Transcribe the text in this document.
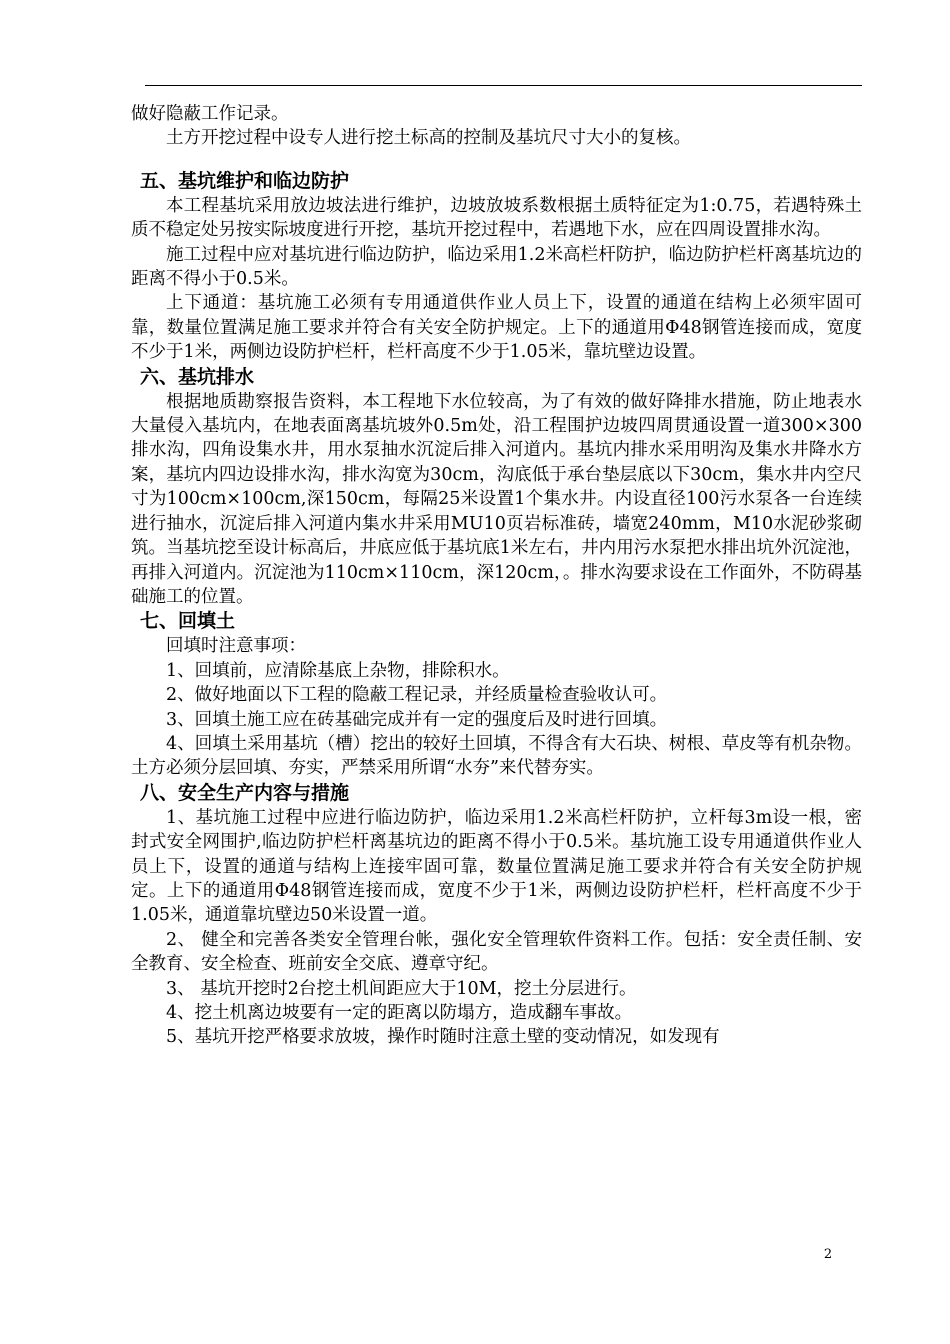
做好隐蔽工作记录。

土方开挖过程中设专人进行挖土标高的控制及基坑尺寸大小的复核。

五、基坑维护和临边防护

本工程基坑采用放边坡法进行维护，边坡放坡系数根据土质特征定为1:0.75，若遇特殊土质不稳定处另按实际坡度进行开挖，基坑开挖过程中，若遇地下水，应在四周设置排水沟。

施工过程中应对基坑进行临边防护，临边采用1.2米高栏杆防护，临边防护栏杆离基坑边的距离不得小于0.5米。

上下通道：基坑施工必须有专用通道供作业人员上下，设置的通道在结构上必须牢固可靠，数量位置满足施工要求并符合有关安全防护规定。上下的通道用Φ48钢管连接而成，宽度不少于1米，两侧边设防护栏杆，栏杆高度不少于1.05米，靠坑壁边设置。

六、基坑排水

根据地质勘察报告资料，本工程地下水位较高，为了有效的做好降排水措施，防止地表水大量侵入基坑内，在地表面离基坑坡外0.5m处，沿工程围护边坡四周贯通设置一道300×300排水沟，四角设集水井，用水泵抽水沉淀后排入河道内。基坑内排水采用明沟及集水井降水方案，基坑内四边设排水沟，排水沟宽为30cm，沟底低于承台垫层底以下30cm，集水井内空尺寸为100cm×100cm,深150cm，每隔25米设置1个集水井。内设直径100污水泵各一台连续进行抽水，沉淀后排入河道内集水井采用MU10页岩标准砖，墙宽240mm，M10水泥砂浆砌筑。当基坑挖至设计标高后，井底应低于基坑底1米左右，井内用污水泵把水排出坑外沉淀池，再排入河道内。沉淀池为110cm×110cm，深120cm，。排水沟要求设在工作面外，不防碍基础施工的位置。

七、回填土

回填时注意事项：

1、回填前，应清除基底上杂物，排除积水。

2、做好地面以下工程的隐蔽工程记录，并经质量检查验收认可。

3、回填土施工应在砖基础完成并有一定的强度后及时进行回填。

4、回填土采用基坑（槽）挖出的较好土回填，不得含有大石块、树根、草皮等有机杂物。土方必须分层回填、夯实，严禁采用所谓“水夯”来代替夯实。

八、安全生产内容与措施

1、基坑施工过程中应进行临边防护，临边采用1.2米高栏杆防护，立杆每3m设一根，密封式安全网围护,临边防护栏杆离基坑边的距离不得小于0.5米。基坑施工设专用通道供作业人员上下，设置的通道与结构上连接牢固可靠，数量位置满足施工要求并符合有关安全防护规定。上下的通道用Φ48钢管连接而成，宽度不少于1米，两侧边设防护栏杆，栏杆高度不少于1.05米，通道靠坑壁边50米设置一道。

2、 健全和完善各类安全管理台帐，强化安全管理软件资料工作。包括：安全责任制、安全教育、安全检查、班前安全交底、遵章守纪。

3、 基坑开挖时2台挖土机间距应大于10M，挖土分层进行。

4、挖土机离边坡要有一定的距离以防塌方，造成翻车事故。

5、基坑开挖严格要求放坡，操作时随时注意土壁的变动情况，如发现有

2
